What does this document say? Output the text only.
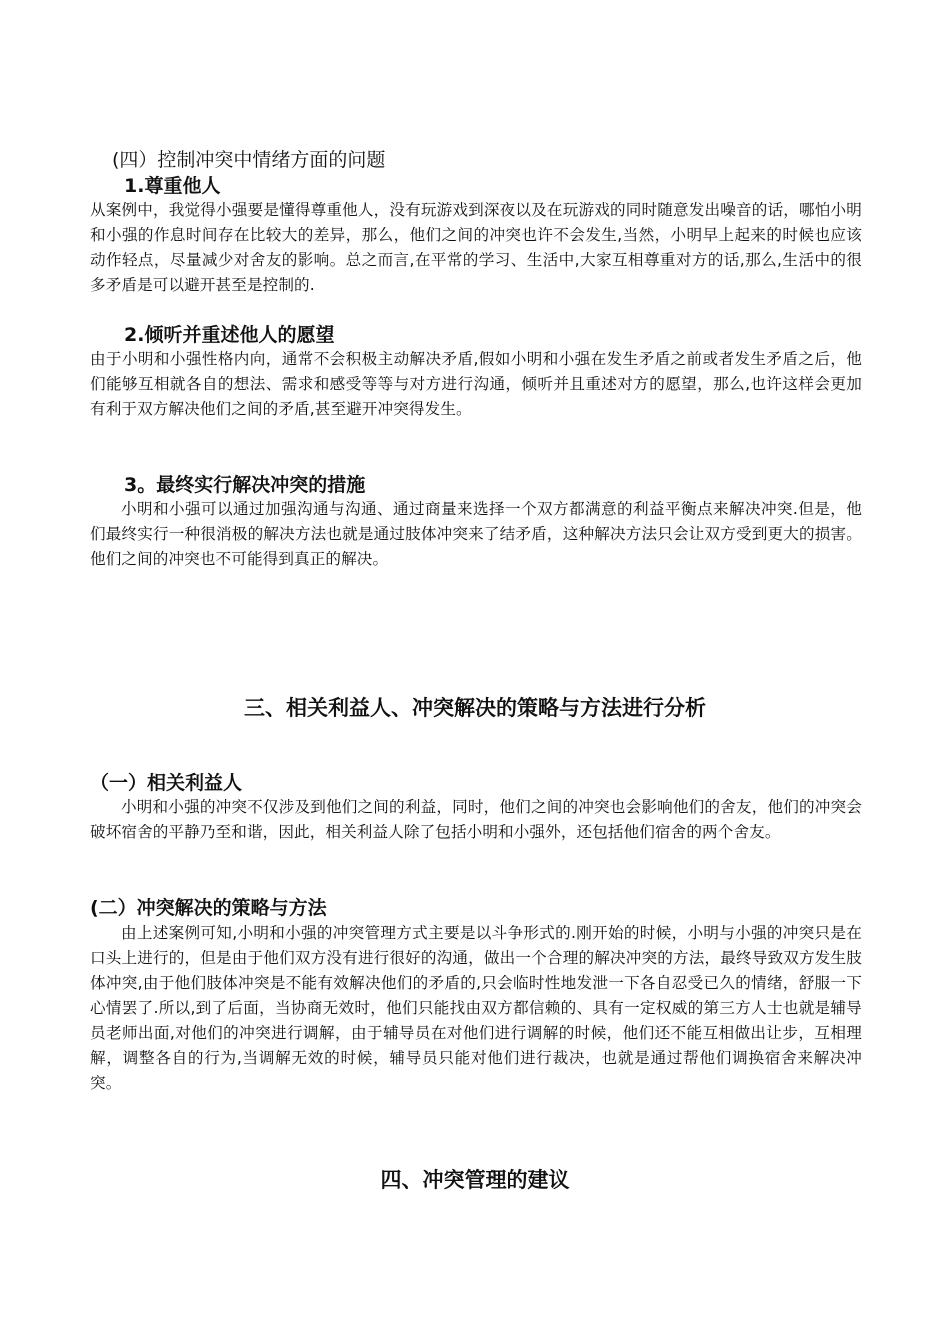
(四）控制冲突中情绪方面的问题
1.尊重他人

从案例中，我觉得小强要是懂得尊重他人，没有玩游戏到深夜以及在玩游戏的同时随意发出噪音的话，哪怕小明和小强的作息时间存在比较大的差异，那么，他们之间的冲突也许不会发生,当然，小明早上起来的时候也应该动作轻点，尽量减少对舍友的影响。总之而言,在平常的学习、生活中,大家互相尊重对方的话,那么,生活中的很多矛盾是可以避开甚至是控制的.

2.倾听并重述他人的愿望

由于小明和小强性格内向，通常不会积极主动解决矛盾,假如小明和小强在发生矛盾之前或者发生矛盾之后，他们能够互相就各自的想法、需求和感受等等与对方进行沟通，倾听并且重述对方的愿望，那么,也许这样会更加有利于双方解决他们之间的矛盾,甚至避开冲突得发生。

3。最终实行解决冲突的措施

小明和小强可以通过加强沟通与沟通、通过商量来选择一个双方都满意的利益平衡点来解决冲突.但是，他们最终实行一种很消极的解决方法也就是通过肢体冲突来了结矛盾，这种解决方法只会让双方受到更大的损害。他们之间的冲突也不可能得到真正的解决。

三、相关利益人、冲突解决的策略与方法进行分析
（一）相关利益人

小明和小强的冲突不仅涉及到他们之间的利益，同时，他们之间的冲突也会影响他们的舍友，他们的冲突会破坏宿舍的平静乃至和谐，因此，相关利益人除了包括小明和小强外，还包括他们宿舍的两个舍友。

(二）冲突解决的策略与方法

由上述案例可知,小明和小强的冲突管理方式主要是以斗争形式的.刚开始的时候，小明与小强的冲突只是在口头上进行的，但是由于他们双方没有进行很好的沟通，做出一个合理的解决冲突的方法，最终导致双方发生肢体冲突,由于他们肢体冲突是不能有效解决他们的矛盾的,只会临时性地发泄一下各自忍受已久的情绪，舒服一下心情罢了.所以,到了后面，当协商无效时，他们只能找由双方都信赖的、具有一定权威的第三方人士也就是辅导员老师出面,对他们的冲突进行调解，由于辅导员在对他们进行调解的时候，他们还不能互相做出让步，互相理解，调整各自的行为,当调解无效的时候，辅导员只能对他们进行裁决，也就是通过帮他们调换宿舍来解决冲突。

四、冲突管理的建议
